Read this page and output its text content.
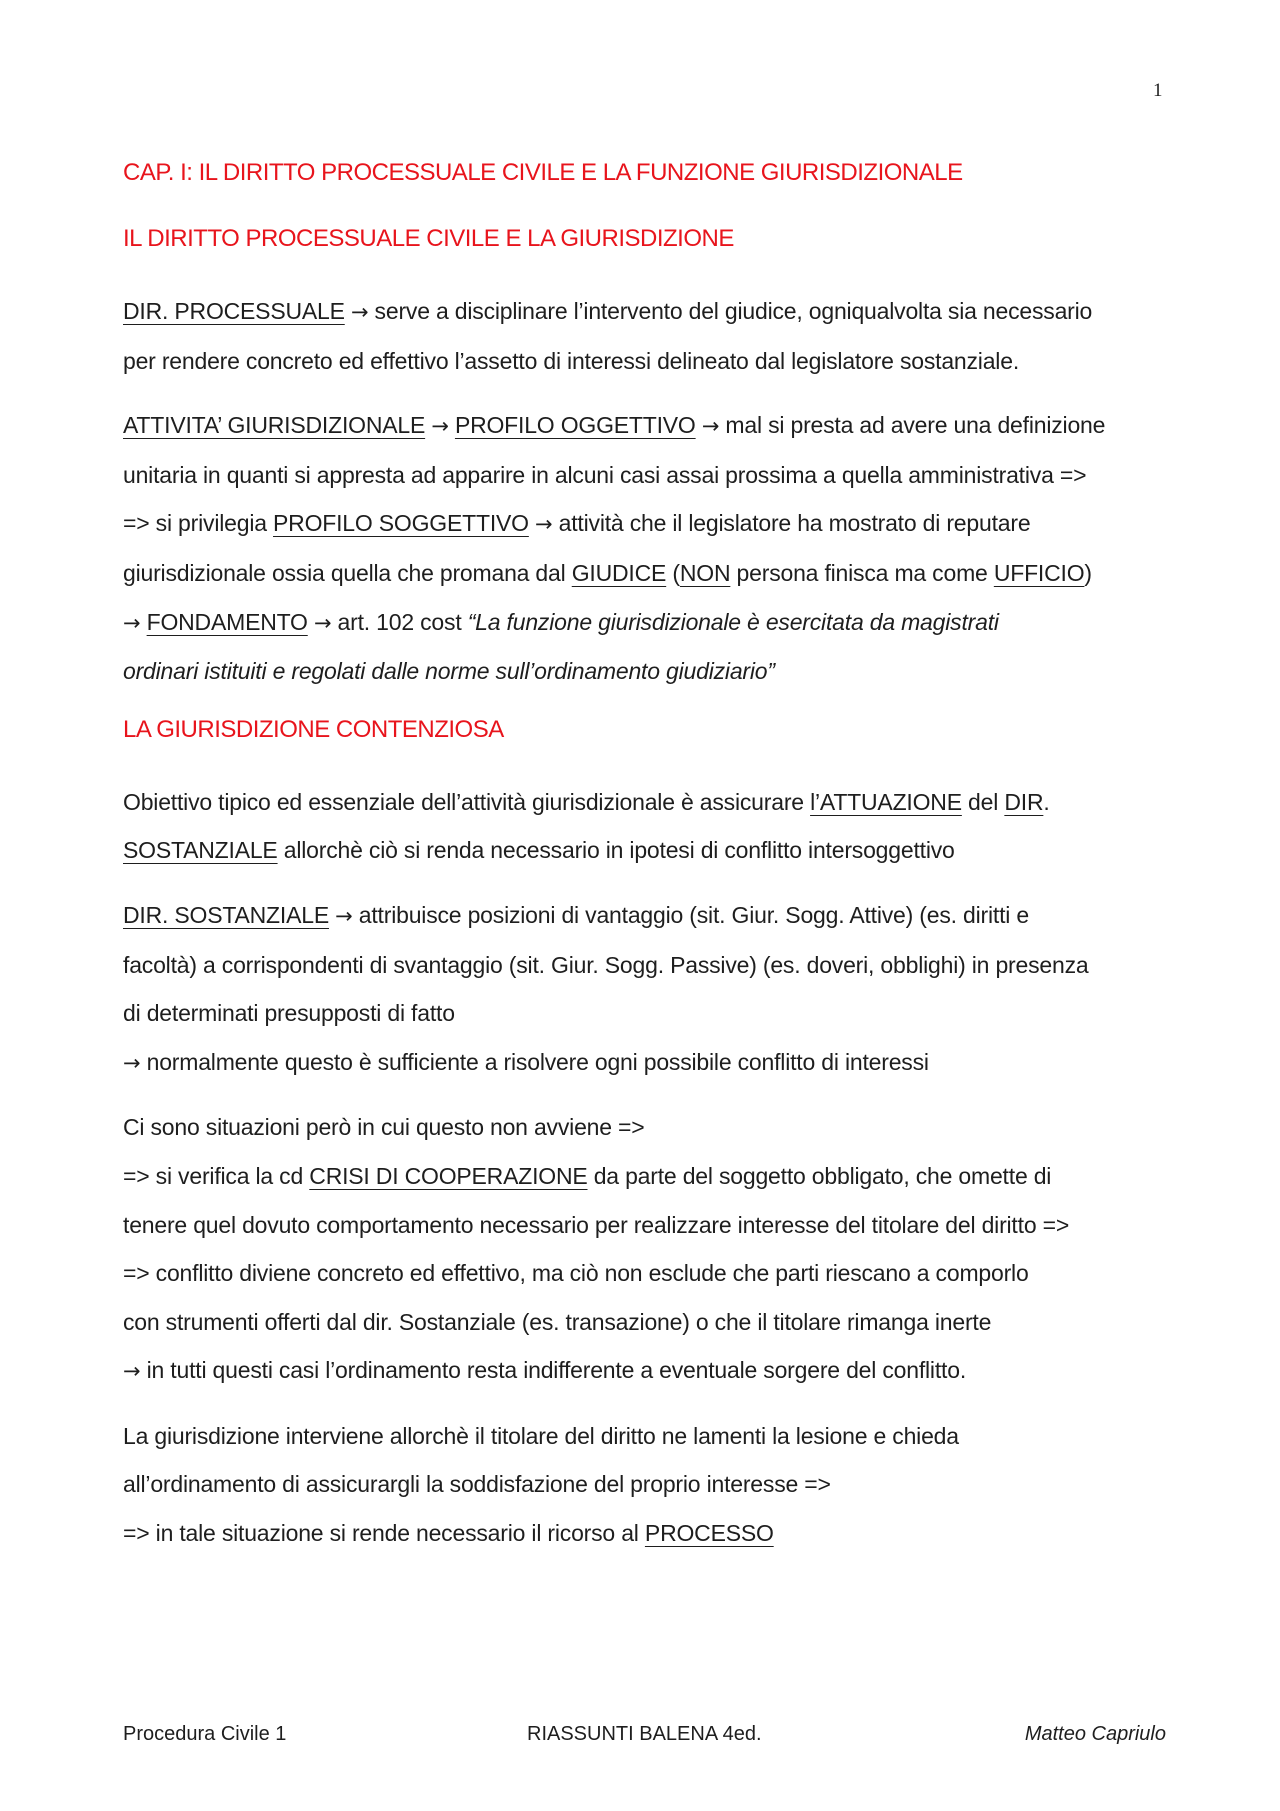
1
CAP. I: IL DIRITTO PROCESSUALE CIVILE E LA FUNZIONE GIURISDIZIONALE
IL DIRITTO PROCESSUALE CIVILE E LA GIURISDIZIONE
DIR. PROCESSUALE → serve a disciplinare l’intervento del giudice, ogniqualvolta sia necessario
per rendere concreto ed effettivo l’assetto di interessi delineato dal legislatore sostanziale.
ATTIVITA’ GIURISDIZIONALE → PROFILO OGGETTIVO → mal si presta ad avere una definizione
unitaria in quanti si appresta ad apparire in alcuni casi assai prossima a quella amministrativa =>
=> si privilegia PROFILO SOGGETTIVO → attività che il legislatore ha mostrato di reputare
giurisdizionale ossia quella che promana dal GIUDICE (NON persona finisca ma come UFFICIO)
→ FONDAMENTO → art. 102 cost “La funzione giurisdizionale è esercitata da magistrati
ordinari istituiti e regolati dalle norme sull’ordinamento giudiziario”
LA GIURISDIZIONE CONTENZIOSA
Obiettivo tipico ed essenziale dell’attività giurisdizionale è assicurare l’ATTUAZIONE del DIR.
SOSTANZIALE allorchè ciò si renda necessario in ipotesi di conflitto intersoggettivo
DIR. SOSTANZIALE → attribuisce posizioni di vantaggio (sit. Giur. Sogg. Attive) (es. diritti e
facoltà) a corrispondenti di svantaggio (sit. Giur. Sogg. Passive) (es. doveri, obblighi) in presenza
di determinati presupposti di fatto
→ normalmente questo è sufficiente a risolvere ogni possibile conflitto di interessi
Ci sono situazioni però in cui questo non avviene =>
=> si verifica la cd CRISI DI COOPERAZIONE da parte del soggetto obbligato, che omette di
tenere quel dovuto comportamento necessario per realizzare interesse del titolare del diritto =>
=> conflitto diviene concreto ed effettivo, ma ciò non esclude che parti riescano a comporlo
con strumenti offerti dal dir. Sostanziale (es. transazione) o che il titolare rimanga inerte
→ in tutti questi casi l’ordinamento resta indifferente a eventuale sorgere del conflitto.
La giurisdizione interviene allorchè il titolare del diritto ne lamenti la lesione e chieda
all’ordinamento di assicurargli la soddisfazione del proprio interesse =>
=> in tale situazione si rende necessario il ricorso al PROCESSO
Procedura Civile 1	RIASSUNTI BALENA 4ed.	Matteo Capriulo
